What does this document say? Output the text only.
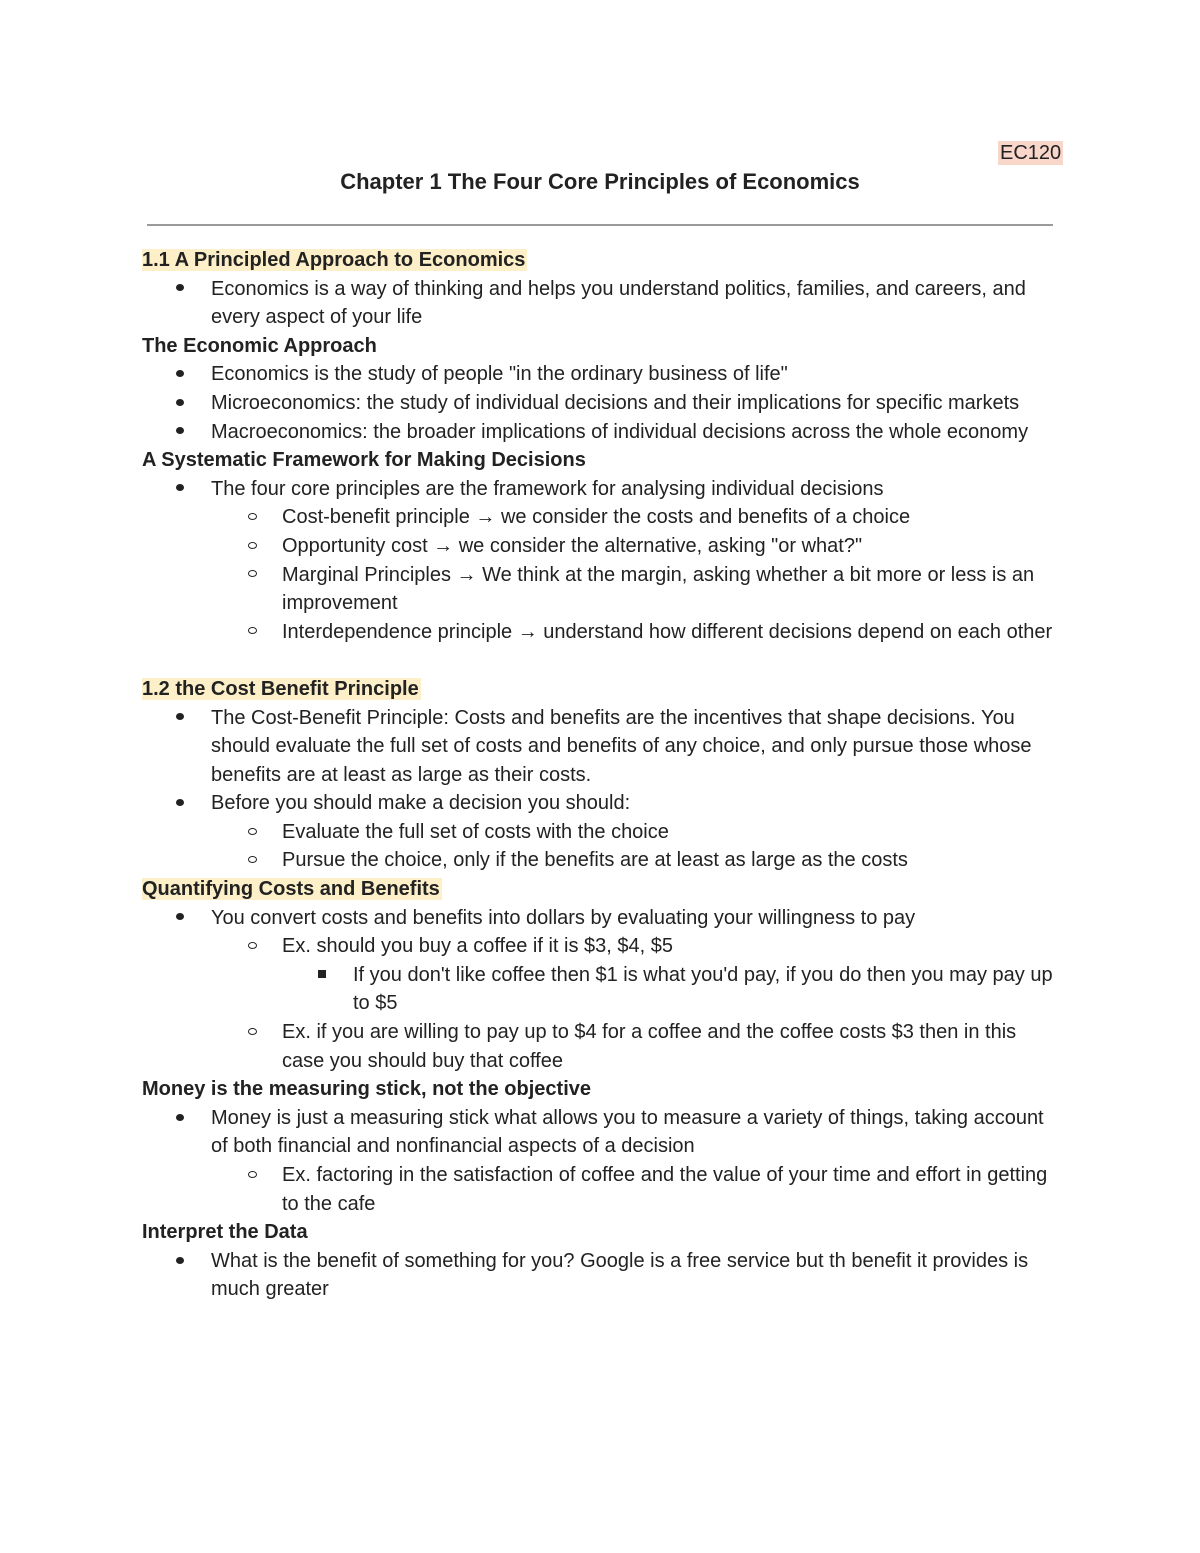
EC120
Chapter 1 The Four Core Principles of Economics
1.1 A Principled Approach to Economics
Economics is a way of thinking and helps you understand politics, families, and careers, and every aspect of your life
The Economic Approach
Economics is the study of people "in the ordinary business of life"
Microeconomics: the study of individual decisions and their implications for specific markets
Macroeconomics: the broader implications of individual decisions across the whole economy
A Systematic Framework for Making Decisions
The four core principles are the framework for analysing individual decisions
Cost-benefit principle → we consider the costs and benefits of a choice
Opportunity cost → we consider the alternative, asking "or what?"
Marginal Principles → We think at the margin, asking whether a bit more or less is an improvement
Interdependence principle → understand how different decisions depend on each other
1.2 the Cost Benefit Principle
The Cost-Benefit Principle: Costs and benefits are the incentives that shape decisions. You should evaluate the full set of costs and benefits of any choice, and only pursue those whose benefits are at least as large as their costs.
Before you should make a decision you should:
Evaluate the full set of costs with the choice
Pursue the choice, only if the benefits are at least as large as the costs
Quantifying Costs and Benefits
You convert costs and benefits into dollars by evaluating your willingness to pay
Ex. should you buy a coffee if it is $3, $4, $5
If you don't like coffee then $1 is what you'd pay, if you do then you may pay up to $5
Ex. if you are willing to pay up to $4 for a coffee and the coffee costs $3 then in this case you should buy that coffee
Money is the measuring stick, not the objective
Money is just a measuring stick what allows you to measure a variety of things, taking account of both financial and nonfinancial aspects of a decision
Ex. factoring in the satisfaction of coffee and the value of your time and effort in getting to the cafe
Interpret the Data
What is the benefit of something for you? Google is a free service but th benefit it provides is much greater
